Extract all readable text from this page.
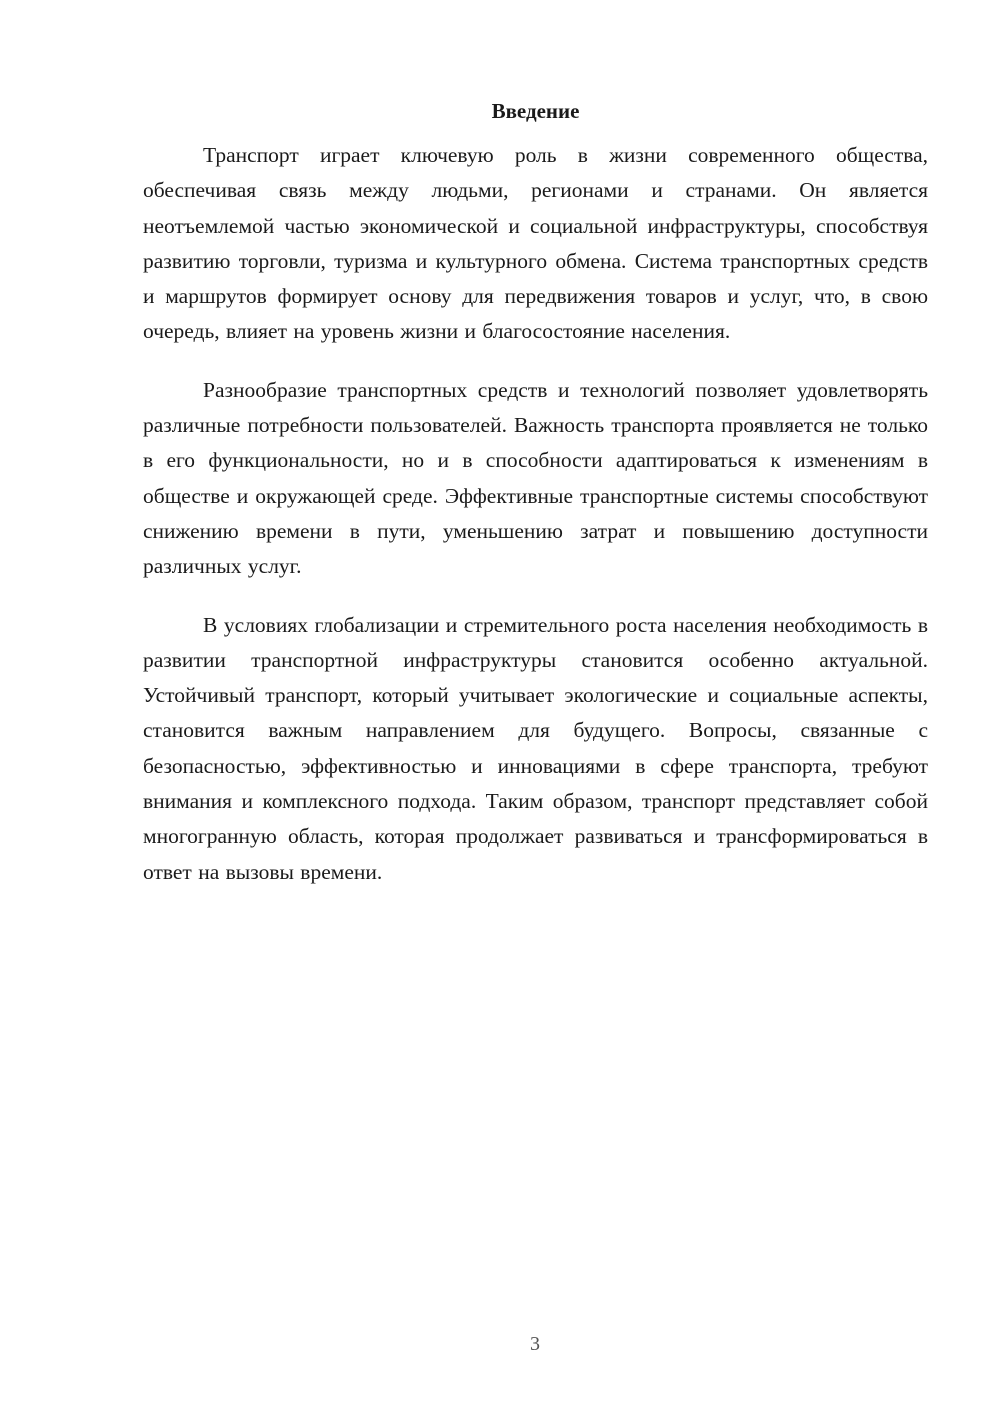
Введение

Транспорт играет ключевую роль в жизни современного общества, обеспечивая связь между людьми, регионами и странами. Он является неотъемлемой частью экономической и социальной инфраструктуры, способствуя развитию торговли, туризма и культурного обмена. Система транспортных средств и маршрутов формирует основу для передвижения товаров и услуг, что, в свою очередь, влияет на уровень жизни и благосостояние населения.

Разнообразие транспортных средств и технологий позволяет удовлетворять различные потребности пользователей. Важность транспорта проявляется не только в его функциональности, но и в способности адаптироваться к изменениям в обществе и окружающей среде. Эффективные транспортные системы способствуют снижению времени в пути, уменьшению затрат и повышению доступности различных услуг.

В условиях глобализации и стремительного роста населения необходимость в развитии транспортной инфраструктуры становится особенно актуальной. Устойчивый транспорт, который учитывает экологические и социальные аспекты, становится важным направлением для будущего. Вопросы, связанные с безопасностью, эффективностью и инновациями в сфере транспорта, требуют внимания и комплексного подхода. Таким образом, транспорт представляет собой многогранную область, которая продолжает развиваться и трансформироваться в ответ на вызовы времени.

3
